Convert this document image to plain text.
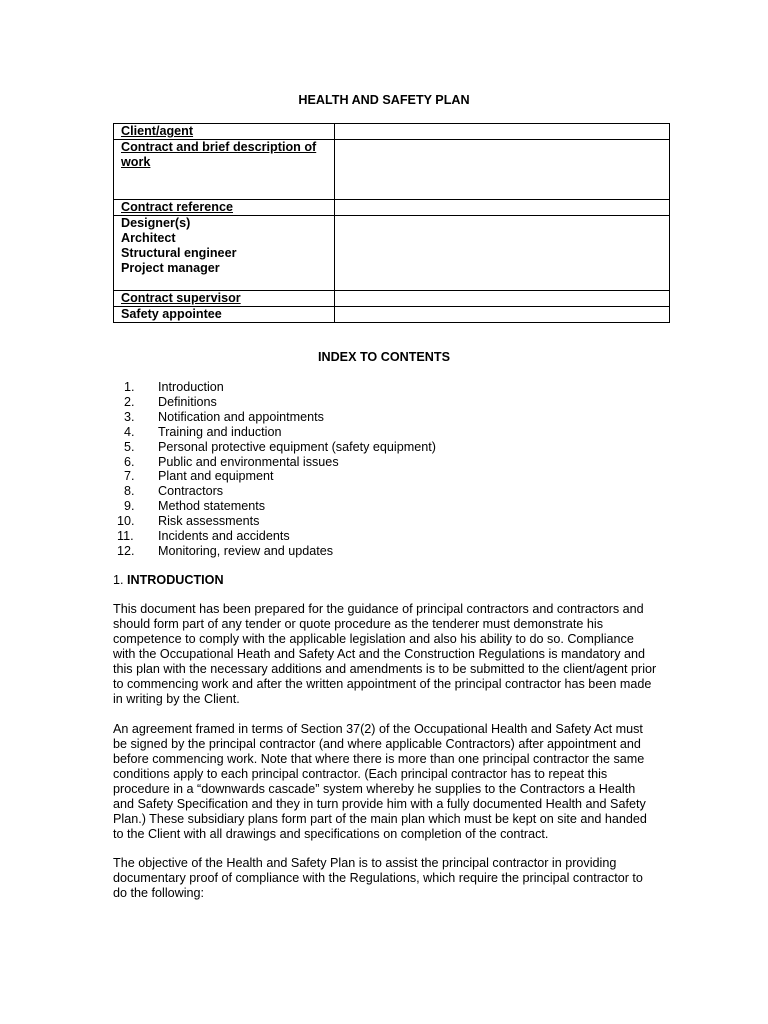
HEALTH AND SAFETY PLAN
Client/agent	

Contract and brief description of
work	

Contract reference	

Designer(s)
Architect
Structural engineer
Project manager	

Contract supervisor	

Safety appointee	

INDEX TO CONTENTS
1. Introduction
2. Definitions
3. Notification and appointments
4. Training and induction
5. Personal protective equipment (safety equipment)
6. Public and environmental issues
7. Plant and equipment
8. Contractors
9. Method statements
10. Risk assessments
11. Incidents and accidents
12. Monitoring, review and updates
1. INTRODUCTION

This document has been prepared for the guidance of principal contractors and contractors and
should form part of any tender or quote procedure as the tenderer must demonstrate his
competence to comply with the applicable legislation and also his ability to do so. Compliance
with the Occupational Heath and Safety Act and the Construction Regulations is mandatory and
this plan with the necessary additions and amendments is to be submitted to the client/agent prior
to commencing work and after the written appointment of the principal contractor has been made
in writing by the Client.

An agreement framed in terms of Section 37(2) of the Occupational Health and Safety Act must
be signed by the principal contractor (and where applicable Contractors) after appointment and
before commencing work. Note that where there is more than one principal contractor the same
conditions apply to each principal contractor. (Each principal contractor has to repeat this
procedure in a “downwards cascade” system whereby he supplies to the Contractors a Health
and Safety Specification and they in turn provide him with a fully documented Health and Safety
Plan.) These subsidiary plans form part of the main plan which must be kept on site and handed
to the Client with all drawings and specifications on completion of the contract.

The objective of the Health and Safety Plan is to assist the principal contractor in providing
documentary proof of compliance with the Regulations, which require the principal contractor to
do the following:
